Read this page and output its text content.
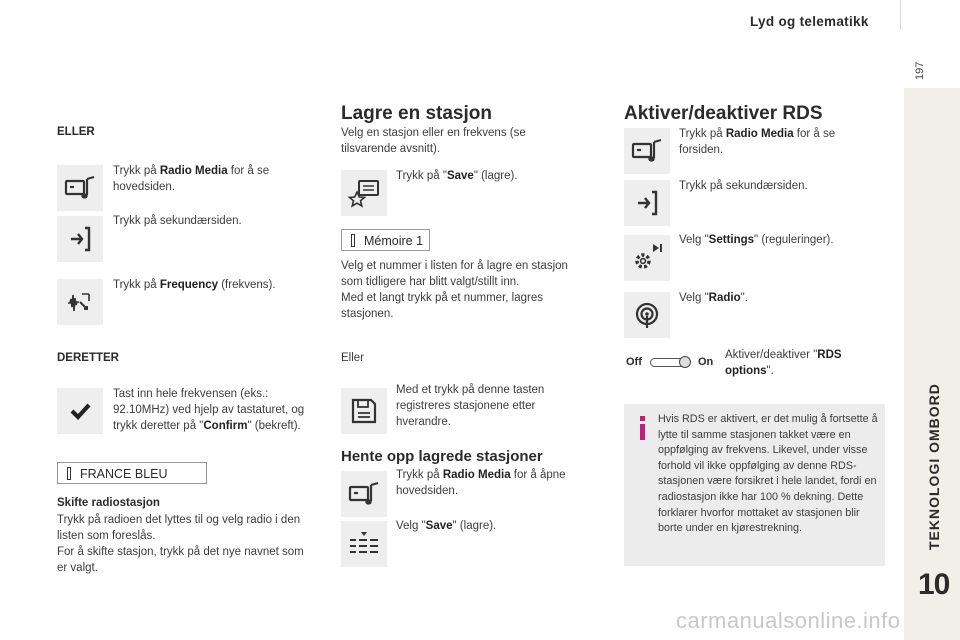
Lyd og telematikk
197
TEKNOLOGI OMBORD
10
ELLER
Trykk på Radio Media for å se hovedsiden.
Trykk på sekundærsiden.
Trykk på Frequency (frekvens).
DERETTER
Tast inn hele frekvensen (eks.: 92.10MHz) ved hjelp av tastaturet, og trykk deretter på "Confirm" (bekreft).
FRANCE BLEU
Skifte radiostasjon
Trykk på radioen det lyttes til og velg radio i den listen som foreslås.
For å skifte stasjon, trykk på det nye navnet som er valgt.
Lagre en stasjon
Velg en stasjon eller en frekvens (se tilsvarende avsnitt).
Trykk på "Save" (lagre).
Mémoire 1
Velg et nummer i listen for å lagre en stasjon som tidligere har blitt valgt/stillt inn.
Med et langt trykk på et nummer, lagres stasjonen.
Eller
Med et trykk på denne tasten registreres stasjonene etter hverandre.
Hente opp lagrede stasjoner
Trykk på Radio Media for å åpne hovedsiden.
Velg "Save" (lagre).
Aktiver/deaktiver RDS
Trykk på Radio Media for å se forsiden.
Trykk på sekundærsiden.
Velg "Settings" (reguleringer).
Velg "Radio".
Off	On
Aktiver/deaktiver "RDS options".
Hvis RDS er aktivert, er det mulig å fortsette å lytte til samme stasjonen takket være en oppfølging av frekvens. Likevel, under visse forhold vil ikke oppfølging av denne RDS-stasjonen være forsikret i hele landet, fordi en radiostasjon ikke har 100 % dekning. Dette forklarer hvorfor mottaket av stasjonen blir borte under en kjørestrekning.
carmanualsonline.info
